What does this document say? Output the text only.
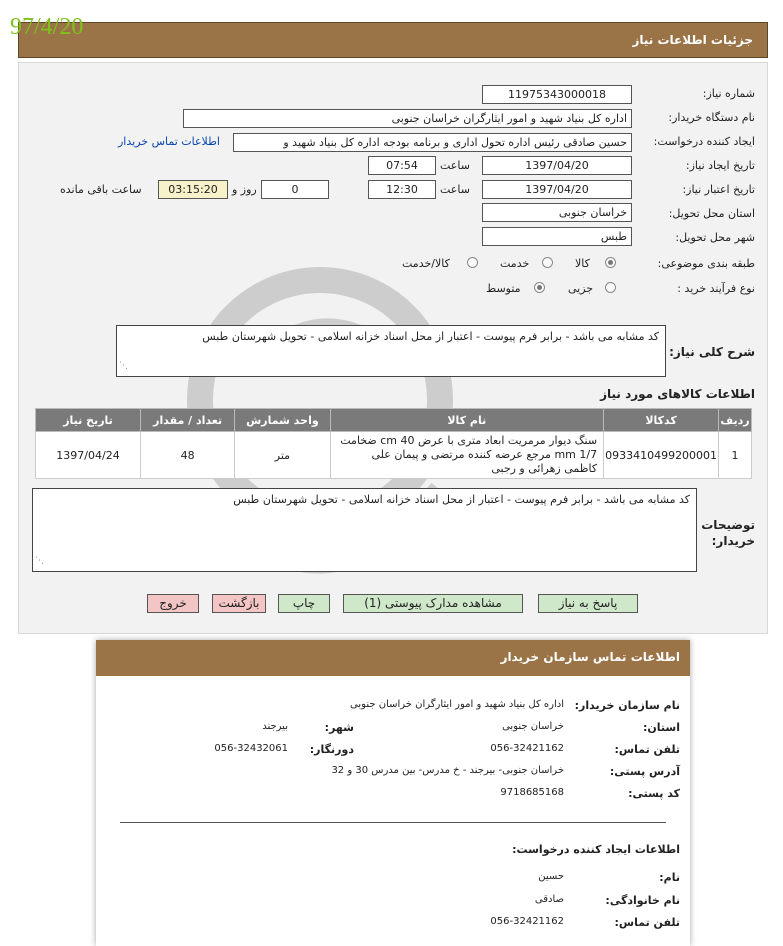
جزئیات اطلاعات نیاز
97/4/20
شماره نیاز:
11975343000018
نام دستگاه خریدار:
اداره کل بنیاد شهید و امور ایثارگران خراسان جنوبی
ایجاد کننده درخواست:
حسین صادقی رئیس اداره تحول اداری و برنامه بودجه اداره کل بنیاد شهید و
اطلاعات تماس خریدار
تاریخ ایجاد نیاز:
1397/04/20
ساعت
07:54
تاریخ اعتبار نیاز:
1397/04/20
ساعت
12:30
0
روز و
03:15:20
ساعت باقی مانده
استان محل تحویل:
خراسان جنوبی
شهر محل تحویل:
طبس
طبقه بندی موضوعی:
کالا
خدمت
کالا/خدمت
نوع فرآیند خرید :
جزیی
متوسط
شرح کلی نیاز:
کد مشابه می باشد - برابر فرم پیوست - اعتبار از محل اسناد خزانه اسلامی - تحویل شهرستان طبس
⋰
اطلاعات کالاهای مورد نیاز
ردیف	کدکالا	نام کالا	واحد شمارش	تعداد / مقدار	تاریخ نیاز
1	0933410499200001	سنگ دیوار مرمریت ابعاد متری با عرض 40 cm ضخامت 1/7 mm مرجع عرضه کننده مرتضی و پیمان علی کاظمی زهرائی و رجبی	متر	48	1397/04/24
توضیحات خریدار:
کد مشابه می باشد - برابر فرم پیوست - اعتبار از محل اسناد خزانه اسلامی - تحویل شهرستان طبس
⋰
پاسخ به نیاز
مشاهده مدارک پیوستی (1)
چاپ
بازگشت
خروج
اطلاعات تماس سازمان خریدار
نام سازمان خریدار:
اداره کل بنیاد شهید و امور ایثارگران خراسان جنوبی
استان:
خراسان جنوبی
شهر:
بیرجند
تلفن تماس:
056-32421162
دورنگار:
056-32432061
آدرس پستی:
خراسان جنوبی- بیرجند - خ مدرس- بین مدرس 30 و 32
کد پستی:
9718685168
اطلاعات ایجاد کننده درخواست:
نام:
حسین
نام خانوادگی:
صادقی
تلفن تماس:
056-32421162
